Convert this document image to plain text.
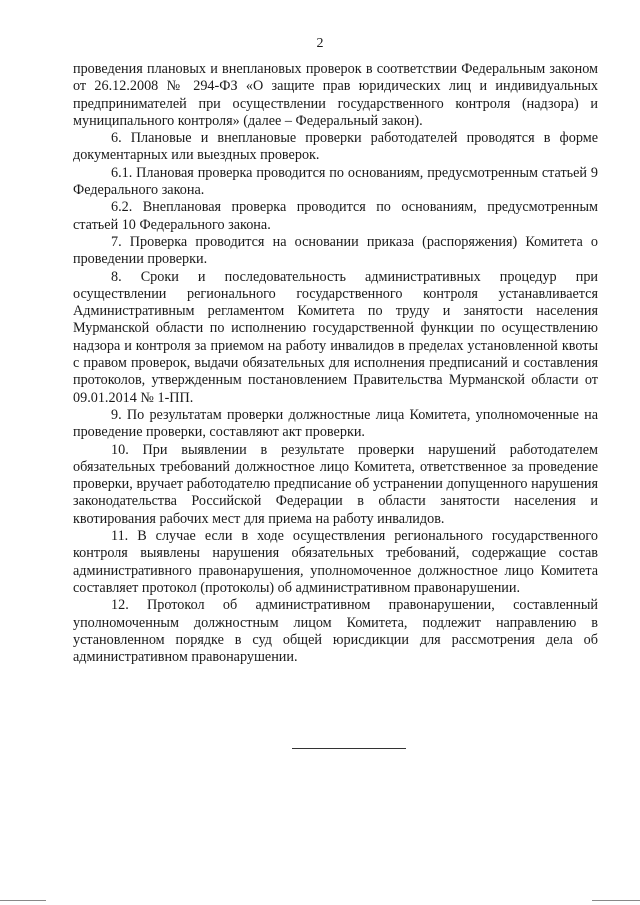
2

проведения плановых и внеплановых проверок в соответствии Федеральным законом от 26.12.2008 № 294-ФЗ «О защите прав юридических лиц и индивидуальных предпринимателей при осуществлении государственного контроля (надзора) и муниципального контроля» (далее – Федеральный закон).

6. Плановые и внеплановые проверки работодателей проводятся в форме документарных или выездных проверок.

6.1. Плановая проверка проводится по основаниям, предусмотренным статьей 9 Федерального закона.

6.2. Внеплановая проверка проводится по основаниям, предусмотренным статьей 10 Федерального закона.

7. Проверка проводится на основании приказа (распоряжения) Комитета о проведении проверки.

8. Сроки и последовательность административных процедур при осуществлении регионального государственного контроля устанавливается Административным регламентом Комитета по труду и занятости населения Мурманской области по исполнению государственной функции по осуществлению надзора и контроля за приемом на работу инвалидов в пределах установленной квоты с правом проверок, выдачи обязательных для исполнения предписаний и составления протоколов, утвержденным постановлением Правительства Мурманской области от 09.01.2014 № 1-ПП.

9. По результатам проверки должностные лица Комитета, уполномоченные на проведение проверки, составляют акт проверки.

10. При выявлении в результате проверки нарушений работодателем обязательных требований должностное лицо Комитета, ответственное за проведение проверки, вручает работодателю предписание об устранении допущенного нарушения законодательства Российской Федерации в области занятости населения и квотирования рабочих мест для приема на работу инвалидов.

11. В случае если в ходе осуществления регионального государственного контроля выявлены нарушения обязательных требований, содержащие состав административного правонарушения, уполномоченное должностное лицо Комитета составляет протокол (протоколы) об административном правонарушении.

12. Протокол об административном правонарушении, составленный уполномоченным должностным лицом Комитета, подлежит направлению в установленном порядке в суд общей юрисдикции для рассмотрения дела об административном правонарушении.
